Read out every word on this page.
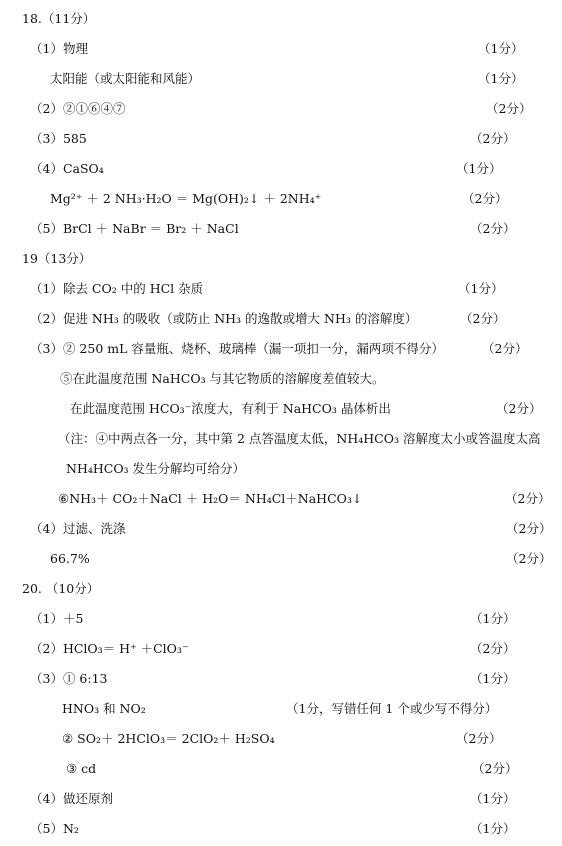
18.（11分）
（1）物理	（1分）
太阳能（或太阳能和风能）	（1分）
（2）②①⑥④⑦	（2分）
（3）585	（2分）
（4）CaSO₄	（1分）
Mg²⁺ ＋ 2 NH₃·H₂O ＝ Mg(OH)₂↓ ＋ 2NH₄⁺	（2分）
（5）BrCl ＋ NaBr ＝ Br₂ ＋ NaCl	（2分）
19（13分）
（1）除去 CO₂ 中的 HCl 杂质	（1分）
（2）促进 NH₃ 的吸收（或防止 NH₃ 的逸散或增大 NH₃ 的溶解度）	（2分）
（3）② 250 mL 容量瓶、烧杯、玻璃棒（漏一项扣一分，漏两项不得分）	（2分）
⑤在此温度范围 NaHCO₃ 与其它物质的溶解度差值较大。
在此温度范围 HCO₃⁻浓度大，有利于 NaHCO₃ 晶体析出	（2分）
（注：④中两点各一分，其中第 2 点答温度太低，NH₄HCO₃ 溶解度太小或答温度太高
NH₄HCO₃ 发生分解均可给分）
⑥NH₃＋ CO₂＋NaCl ＋ H₂O＝ NH₄Cl＋NaHCO₃↓	（2分）
（4）过滤、洗涤	（2分）
66.7%	（2分）
20. （10分）
（1）＋5	（1分）
（2）HClO₃＝ H⁺ ＋ClO₃⁻	（2分）
（3）① 6:13	（1分）
HNO₃ 和 NO₂	（1分，写错任何 1 个或少写不得分）
② SO₂＋ 2HClO₃＝ 2ClO₂＋ H₂SO₄	（2分）
③ cd	（2分）
（4）做还原剂	（1分）
（5）N₂	（1分）
